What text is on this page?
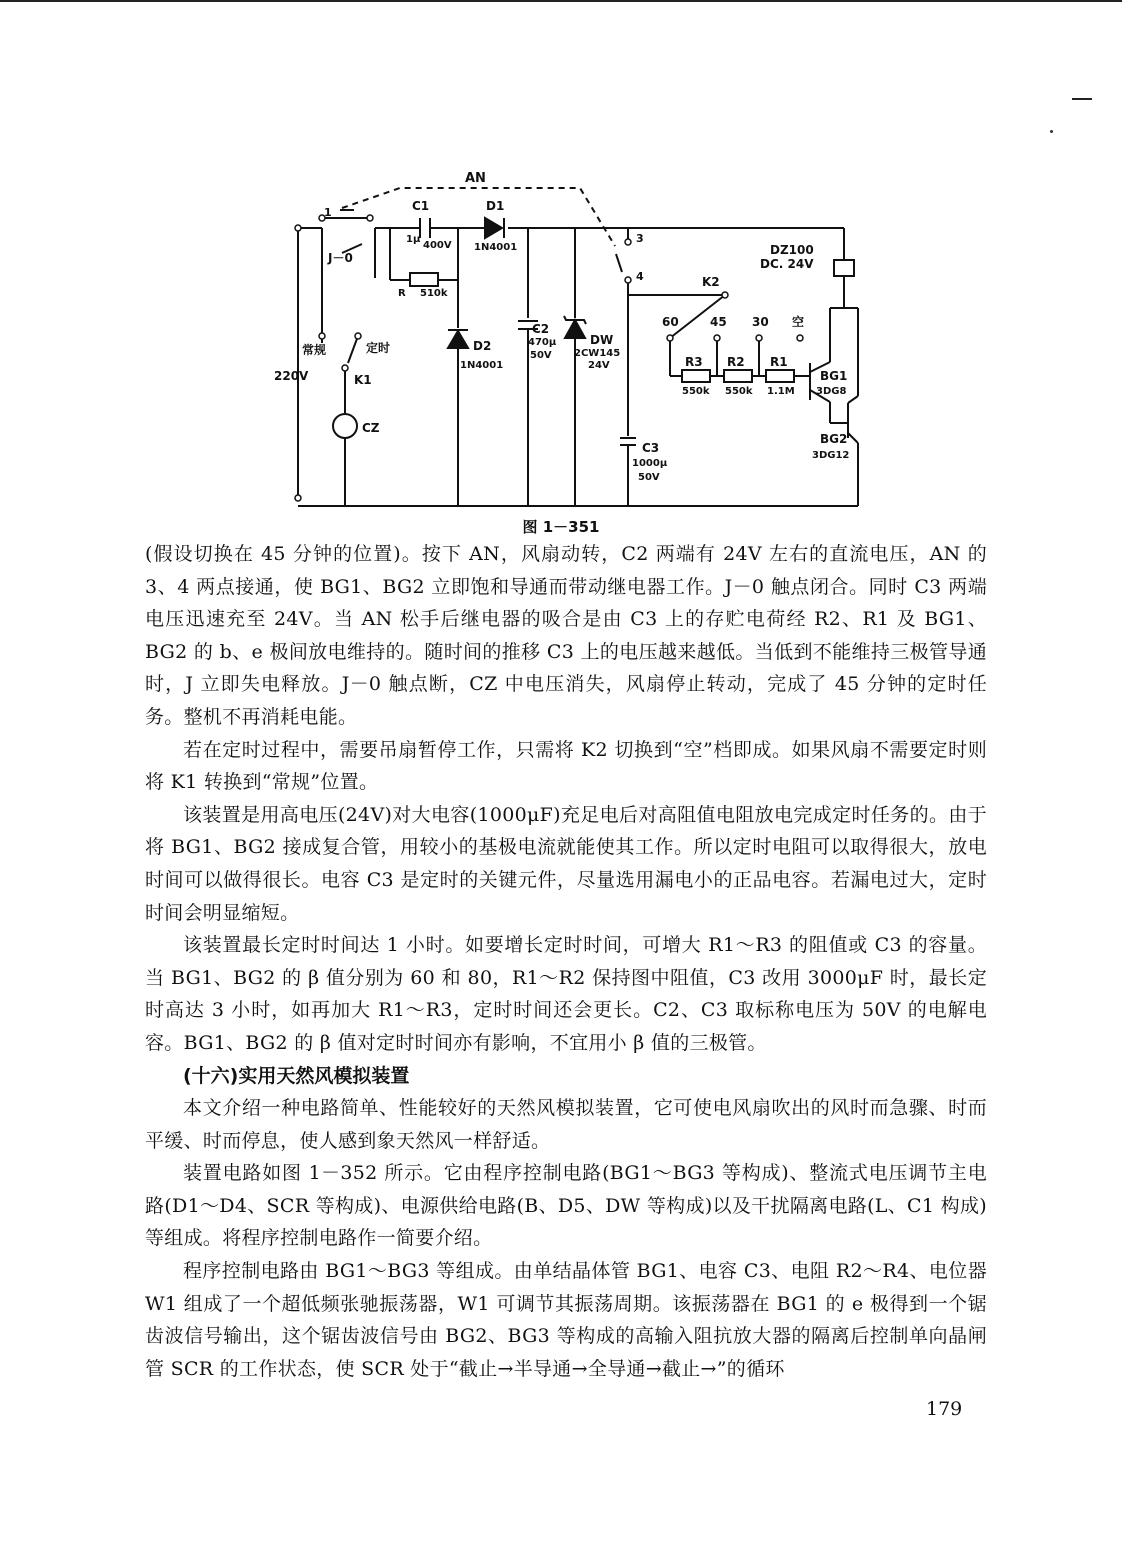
AN
C1
1μ
400V
D1
1N4001
J－0
R 510k
D2
1N4001
C2
470μ
50V
DW
2CW145
24V
1
3
4
DZ100
DC. 24V
K2
60	45 30 空
R3
550k
R2
550k
R1
1.1M
BG1
3DG8
BG2
3DG12
C3
1000μ
50V
常规	定时
K1
220V
CZ
图 1－351

(假设切换在 45 分钟的位置)。按下 AN，风扇动转，C2 两端有 24V 左右的直流电压，AN 的 3、4 两点接通，使 BG1、BG2 立即饱和导通而带动继电器工作。J－0 触点闭合。同时 C3 两端电压迅速充至 24V。当 AN 松手后继电器的吸合是由 C3 上的存贮电荷经 R2、R1 及 BG1、BG2 的 b、e 极间放电维持的。随时间的推移 C3 上的电压越来越低。当低到不能维持三极管导通时，J 立即失电释放。J－0 触点断，CZ 中电压消失，风扇停止转动，完成了 45 分钟的定时任务。整机不再消耗电能。

若在定时过程中，需要吊扇暂停工作，只需将 K2 切换到“空”档即成。如果风扇不需要定时则将 K1 转换到“常规”位置。

该装置是用高电压(24V)对大电容(1000μF)充足电后对高阻值电阻放电完成定时任务的。由于将 BG1、BG2 接成复合管，用较小的基极电流就能使其工作。所以定时电阻可以取得很大，放电时间可以做得很长。电容 C3 是定时的关键元件，尽量选用漏电小的正品电容。若漏电过大，定时时间会明显缩短。

该装置最长定时时间达 1 小时。如要增长定时时间，可增大 R1～R3 的阻值或 C3 的容量。当 BG1、BG2 的 β 值分别为 60 和 80，R1～R2 保持图中阻值，C3 改用 3000μF 时，最长定时高达 3 小时，如再加大 R1～R3，定时时间还会更长。C2、C3 取标称电压为 50V 的电解电容。BG1、BG2 的 β 值对定时时间亦有影响，不宜用小 β 值的三极管。

(十六)实用天然风模拟装置

本文介绍一种电路简单、性能较好的天然风模拟装置，它可使电风扇吹出的风时而急骤、时而平缓、时而停息，使人感到象天然风一样舒适。

装置电路如图 1－352 所示。它由程序控制电路(BG1～BG3 等构成)、整流式电压调节主电路(D1～D4、SCR 等构成)、电源供给电路(B、D5、DW 等构成)以及干扰隔离电路(L、C1 构成)等组成。将程序控制电路作一简要介绍。

程序控制电路由 BG1～BG3 等组成。由单结晶体管 BG1、电容 C3、电阻 R2～R4、电位器 W1 组成了一个超低频张驰振荡器，W1 可调节其振荡周期。该振荡器在 BG1 的 e 极得到一个锯齿波信号输出，这个锯齿波信号由 BG2、BG3 等构成的高输入阻抗放大器的隔离后控制单向晶闸管 SCR 的工作状态，使 SCR 处于“截止→半导通→全导通→截止→”的循环

179
